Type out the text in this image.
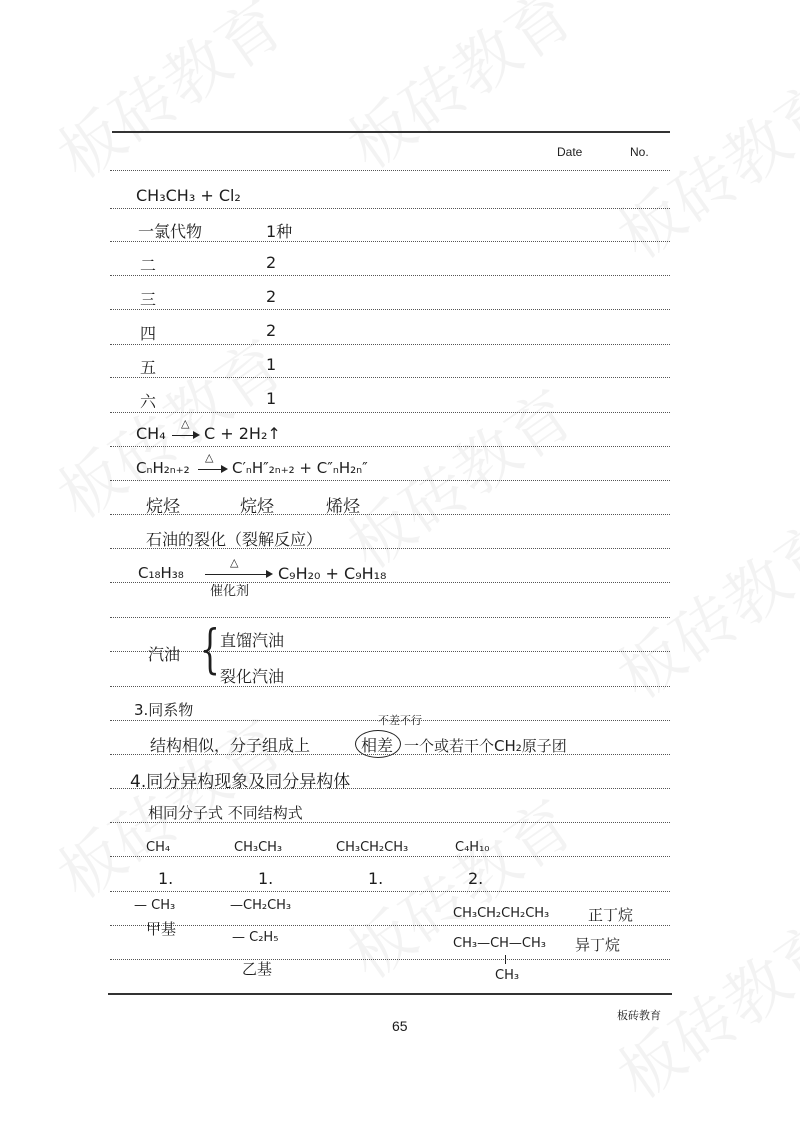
Date	No.
CH₃CH₃ + Cl₂
一氯代物	1种
二	2
三	2
四	2
五	1
六	1
CH₄
△
→ C + 2H₂↑
CₙH₂ₙ₊₂
△
→ C′ₙH″₂ₙ₊₂ + C″ₙH₂ₙ″
烷烃	烷烃	烯烃
石油的裂化（裂解反应）
C₁₈H₃₈
△
催化剂
C₉H₂₀ + C₉H₁₈
汽油 { 直馏汽油
裂化汽油
3.同系物
不差不行
结构相似，分子组成上	相差 一个或若干个CH₂原子团
4.同分异构现象及同分异构体
相同分子式 不同结构式
CH₄	CH₃CH₃	CH₃CH₂CH₃	C₄H₁₀
1.	1.	1.	2.
— CH₃
甲基
—CH₂CH₃
— C₂H₅
乙基
CH₃CH₂CH₂CH₃	正丁烷
CH₃—CH—CH₃ 异丁烷
CH₃
板砖教育
65
